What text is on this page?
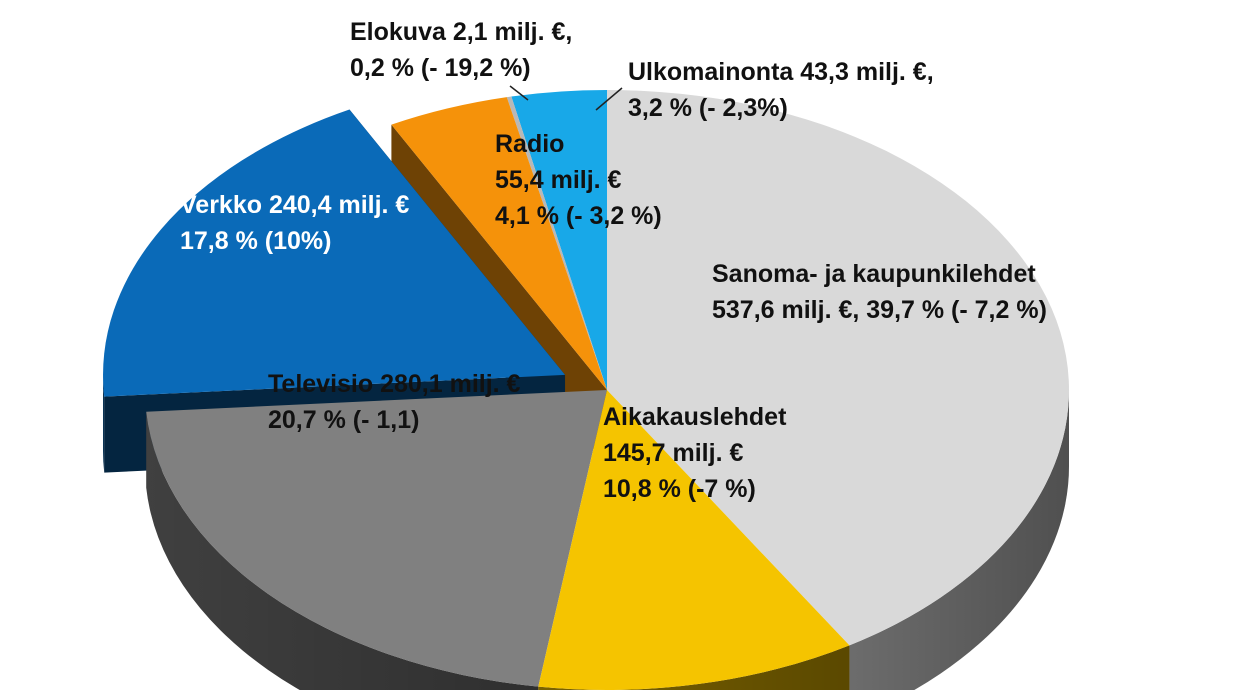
Sanoma- ja kaupunkilehdet 537,6 milj. €, 39,7 % (- 7,2 %)
Aikakauslehdet 145,7 milj. € 10,8 % (-7 %)
Televisio 280,1 milj. € 20,7 % (- 1,1)
Verkko 240,4 milj. € 17,8 % (10%)
Radio 55,4 milj. € 4,1 % (- 3,2 %)
Elokuva 2,1 milj. €, 0,2 % (- 19,2 %)	Ulkomainonta 43,3 milj. €, 3,2 % (- 2,3%)
